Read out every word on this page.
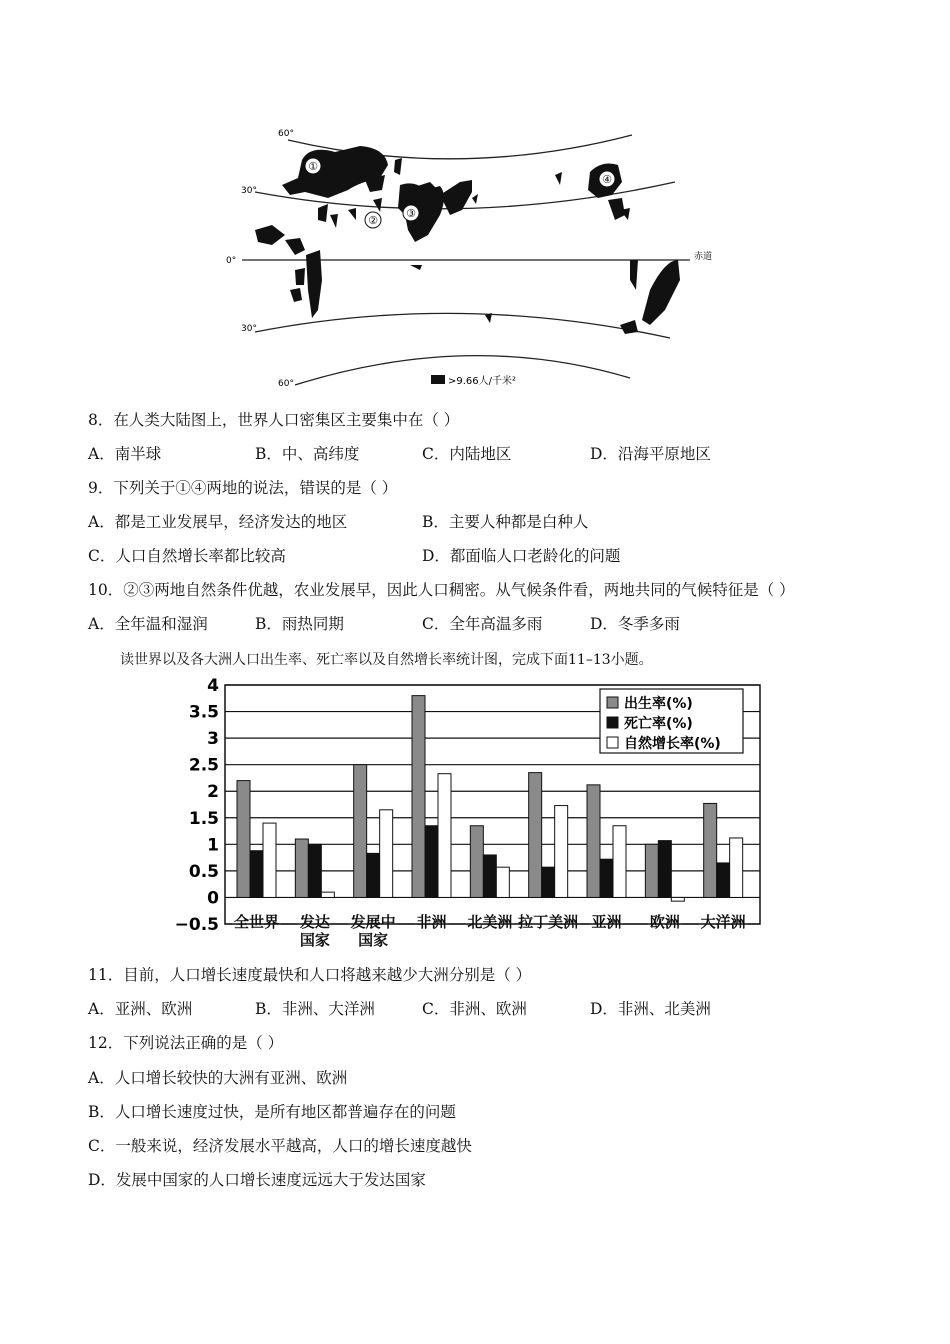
60°
30°
0°
30°
60°
赤道
①
②
③
④
>9.66人/千米²
8．在人类大陆图上，世界人口密集区主要集中在（ ）
A．南半球	B．中、高纬度	C．内陆地区	D．沿海平原地区
9．下列关于①④两地的说法，错误的是（ ）
A．都是工业发展早，经济发达的地区	B．主要人种都是白种人
C．人口自然增长率都比较高	D．都面临人口老龄化的问题
10．②③两地自然条件优越，农业发展早，因此人口稠密。从气候条件看，两地共同的气候特征是（ ）
A．全年温和湿润	B．雨热同期	C．全年高温多雨	D．冬季多雨
读世界以及各大洲人口出生率、死亡率以及自然增长率统计图，完成下面11–13小题。
4
3.5
3
2.5
2
1.5
1
0.5
0
−0.5 全世界 发达
国家
发展中
国家
非洲 北美洲 拉丁美洲 亚洲 欧洲 大洋洲
出生率(%)
死亡率(%)
自然增长率(%)
11．目前，人口增长速度最快和人口将越来越少大洲分别是（ ）
A．亚洲、欧洲	B．非洲、大洋洲	C．非洲、欧洲	D．非洲、北美洲
12．下列说法正确的是（ ）
A．人口增长较快的大洲有亚洲、欧洲
B．人口增长速度过快，是所有地区都普遍存在的问题
C．一般来说，经济发展水平越高，人口的增长速度越快
D．发展中国家的人口增长速度远远大于发达国家
